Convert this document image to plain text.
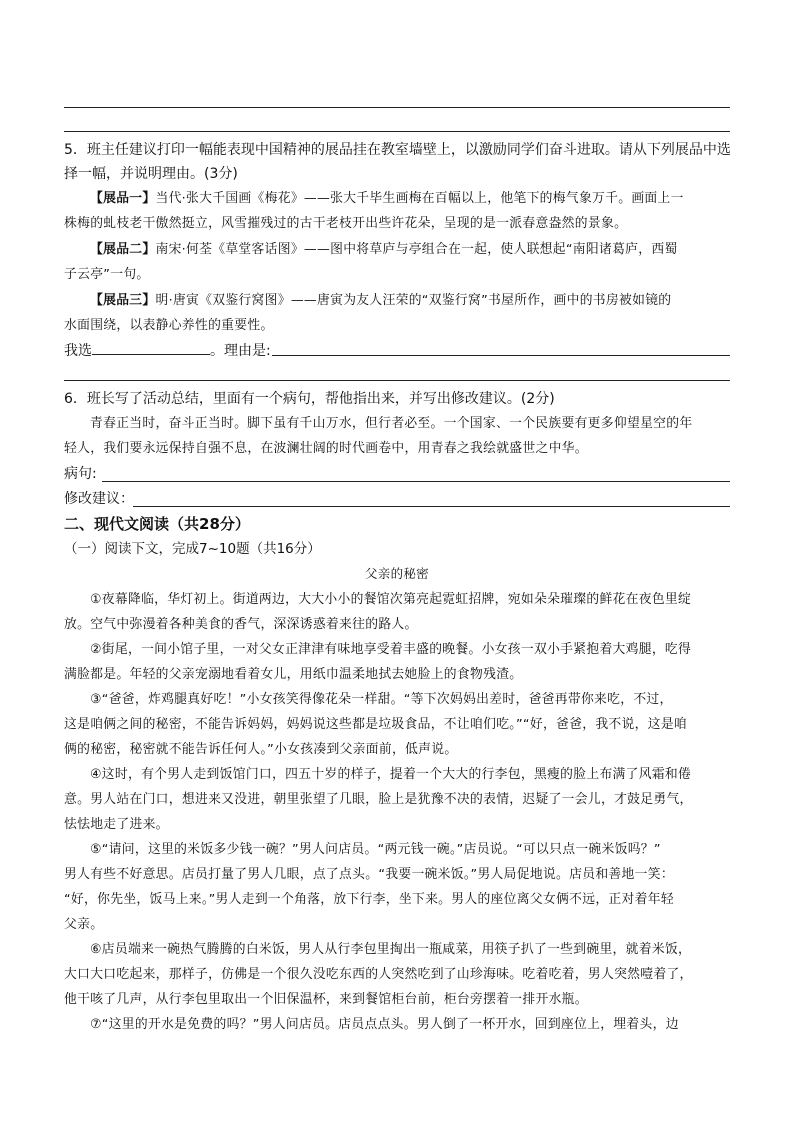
5．班主任建议打印一幅能表现中国精神的展品挂在教室墙壁上，以激励同学们奋斗进取。请从下列展品中选
择一幅，并说明理由。(3分)
【展品一】当代·张大千国画《梅花》——张大千毕生画梅在百幅以上，他笔下的梅气象万千。画面上一
株梅的虬枝老干傲然挺立，风雪摧残过的古干老枝开出些许花朵，呈现的是一派春意盎然的景象。
【展品二】南宋·何荃《草堂客话图》——图中将草庐与亭组合在一起，使人联想起“南阳诸葛庐，西蜀
子云亭”一句。
【展品三】明·唐寅《双鉴行窝图》——唐寅为友人汪荣的“双鉴行窝”书屋所作，画中的书房被如镜的
水面围绕，以表静心养性的重要性。
我选	。理由是:
6．班长写了活动总结，里面有一个病句，帮他指出来，并写出修改建议。(2分)
青春正当时，奋斗正当时。脚下虽有千山万水，但行者必至。一个国家、一个民族要有更多仰望星空的年
轻人，我们要永远保持自强不息，在波澜壮阔的时代画卷中，用青春之我绘就盛世之中华。
病句:
修改建议：
二、现代文阅读（共28分）
（一）阅读下文，完成7~10题（共16分）
父亲的秘密
①夜幕降临，华灯初上。街道两边，大大小小的餐馆次第亮起霓虹招牌，宛如朵朵璀璨的鲜花在夜色里绽
放。空气中弥漫着各种美食的香气，深深诱惑着来往的路人。
②街尾，一间小馆子里，一对父女正津津有味地享受着丰盛的晚餐。小女孩一双小手紧抱着大鸡腿，吃得
满脸都是。年轻的父亲宠溺地看着女儿，用纸巾温柔地拭去她脸上的食物残渣。
③“爸爸，炸鸡腿真好吃！”小女孩笑得像花朵一样甜。“等下次妈妈出差时，爸爸再带你来吃，不过，
这是咱俩之间的秘密，不能告诉妈妈，妈妈说这些都是垃圾食品，不让咱们吃。”“好，爸爸，我不说，这是咱
俩的秘密，秘密就不能告诉任何人。”小女孩凑到父亲面前，低声说。
④这时，有个男人走到饭馆门口，四五十岁的样子，提着一个大大的行李包，黑瘦的脸上布满了风霜和倦
意。男人站在门口，想进来又没进，朝里张望了几眼，脸上是犹豫不决的表情，迟疑了一会儿，才鼓足勇气，
怯怯地走了进来。
⑤“请问，这里的米饭多少钱一碗？”男人问店员。“两元钱一碗。”店员说。“可以只点一碗米饭吗？”
男人有些不好意思。店员打量了男人几眼，点了点头。“我要一碗米饭。”男人局促地说。店员和善地一笑：
“好，你先坐，饭马上来。”男人走到一个角落，放下行李，坐下来。男人的座位离父女俩不远，正对着年轻
父亲。
⑥店员端来一碗热气腾腾的白米饭，男人从行李包里掏出一瓶咸菜，用筷子扒了一些到碗里，就着米饭，
大口大口吃起来，那样子，仿佛是一个很久没吃东西的人突然吃到了山珍海味。吃着吃着，男人突然噎着了，
他干咳了几声，从行李包里取出一个旧保温杯，来到餐馆柜台前，柜台旁摆着一排开水瓶。
⑦“这里的开水是免费的吗？”男人问店员。店员点点头。男人倒了一杯开水，回到座位上，埋着头，边
